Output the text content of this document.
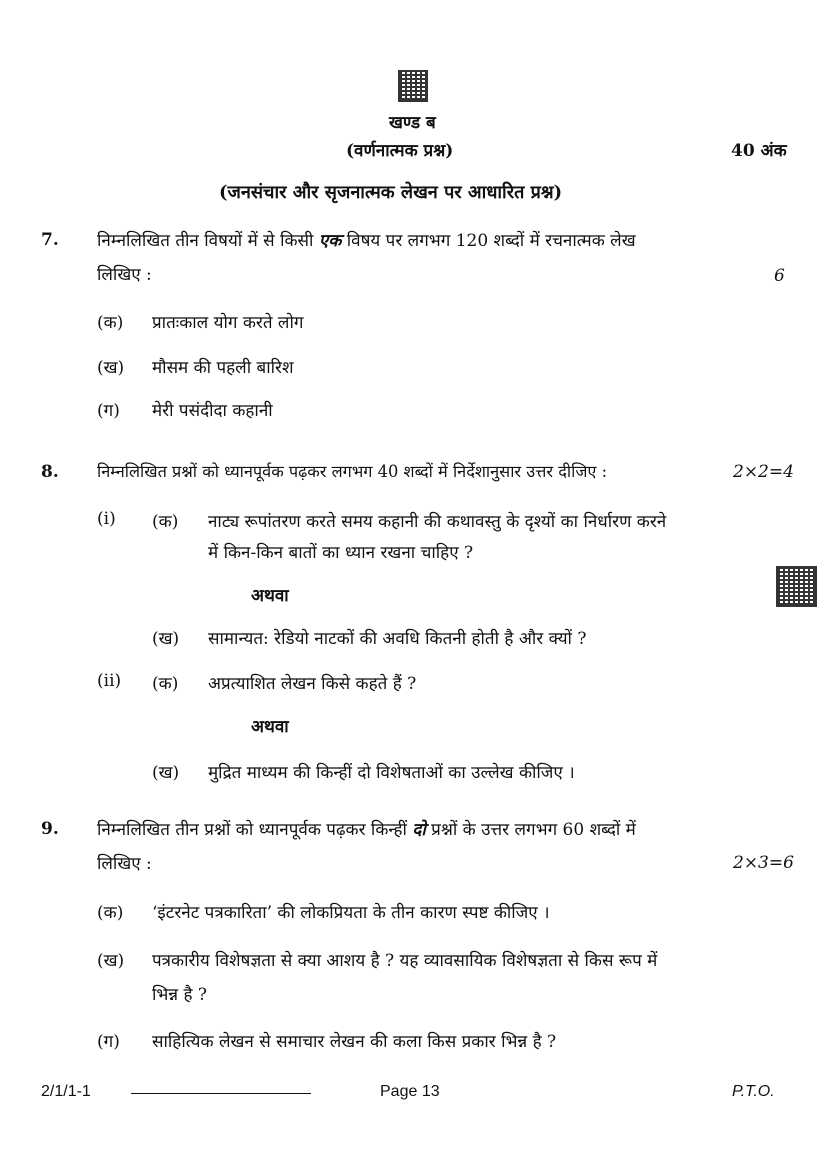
खण्ड ब
(वर्णनात्मक प्रश्न)	40 अंक
(जनसंचार और सृजनात्मक लेखन पर आधारित प्रश्न)
7. निम्नलिखित तीन विषयों में से किसी एक विषय पर लगभग 120 शब्दों में रचनात्मक लेख
लिखिए :	6
(क) प्रातःकाल योग करते लोग
(ख) मौसम की पहली बारिश
(ग) मेरी पसंदीदा कहानी
8. निम्नलिखित प्रश्नों को ध्यानपूर्वक पढ़कर लगभग 40 शब्दों में निर्देशानुसार उत्तर दीजिए :	2×2=4
(i) (क) नाट्य रूपांतरण करते समय कहानी की कथावस्तु के दृश्यों का निर्धारण करने
में किन-किन बातों का ध्यान रखना चाहिए ?
अथवा
(ख) सामान्यत: रेडियो नाटकों की अवधि कितनी होती है और क्यों ?
(ii) (क) अप्रत्याशित लेखन किसे कहते हैं ?
अथवा
(ख) मुद्रित माध्यम की किन्हीं दो विशेषताओं का उल्लेख कीजिए ।
9. निम्नलिखित तीन प्रश्नों को ध्यानपूर्वक पढ़कर किन्हीं दो प्रश्नों के उत्तर लगभग 60 शब्दों में
लिखिए :	2×3=6
(क) ‘इंटरनेट पत्रकारिता’ की लोकप्रियता के तीन कारण स्पष्ट कीजिए ।
(ख) पत्रकारीय विशेषज्ञता से क्या आशय है ? यह व्यावसायिक विशेषज्ञता से किस रूप में
भिन्न है ?
(ग) साहित्यिक लेखन से समाचार लेखन की कला किस प्रकार भिन्न है ?
2/1/1-1	Page 13	P.T.O.
